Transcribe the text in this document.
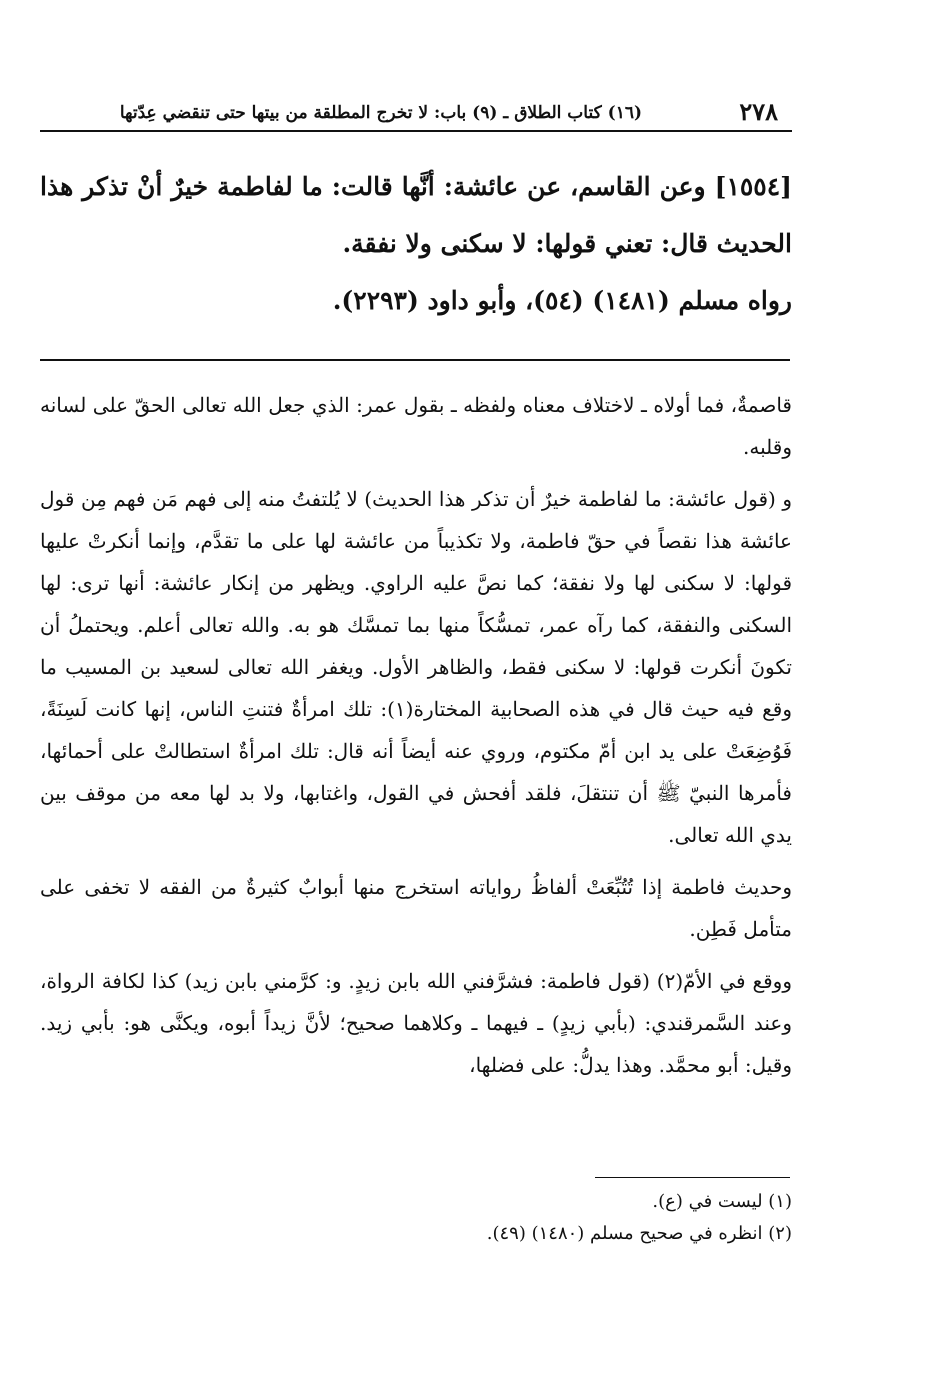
٢٧٨
(١٦) كتاب الطلاق ـ (٩) باب: لا تخرج المطلقة من بيتها حتى تنقضي عِدّتها

[١٥٥٤] وعن القاسم، عن عائشة: أنَّها قالت: ما لفاطمة خيرٌ أنْ تذكر هذا الحديث قال: تعني قولها: لا سكنى ولا نفقة.

رواه مسلم (١٤٨١) (٥٤)، وأبو داود (٢٢٩٣).

قاصمةٌ، فما أولاه ـ لاختلاف معناه ولفظه ـ بقول عمر: الذي جعل الله تعالى الحقّ على لسانه وقلبه.

و (قول عائشة: ما لفاطمة خيرٌ أن تذكر هذا الحديث) لا يُلتفتُ منه إلى فهم مَن فهم مِن قول عائشة هذا نقصاً في حقّ فاطمة، ولا تكذيباً من عائشة لها على ما تقدَّم، وإنما أنكرتْ عليها قولها: لا سكنى لها ولا نفقة؛ كما نصَّ عليه الراوي. ويظهر من إنكار عائشة: أنها ترى: لها السكنى والنفقة، كما رآه عمر، تمسُّكاً منها بما تمسَّك هو به. والله تعالى أعلم. ويحتملُ أن تكونَ أنكرت قولها: لا سكنى فقط، والظاهر الأول. ويغفر الله تعالى لسعيد بن المسيب ما وقع فيه حيث قال في هذه الصحابية المختارة(١): تلك امرأةٌ فتنتِ الناس، إنها كانت لَسِنَةً، فَوُضِعَتْ على يد ابن أمّ مكتوم، وروي عنه أيضاً أنه قال: تلك امرأةٌ استطالتْ على أحمائها، فأمرها النبيّ ﷺ أن تنتقلَ، فلقد أفحش في القول، واغتابها، ولا بد لها معه من موقف بين يدي الله تعالى.

وحديث فاطمة إذا تُتُبِّعَتْ ألفاظُ رواياته استخرج منها أبوابٌ كثيرةٌ من الفقه لا تخفى على متأمل فَطِن.

ووقع في الأمّ(٢) (قول فاطمة: فشرَّفني الله بابن زيدٍ. و: كرَّمني بابن زيد) كذا لكافة الرواة، وعند السَّمرقندي: (بأبي زيدٍ) ـ فيهما ـ وكلاهما صحيح؛ لأنَّ زيداً أبوه، ويكنَّى هو: بأبي زيد. وقيل: أبو محمَّد. وهذا يدلُّ: على فضلها،

(١) ليست في (ع).

(٢) انظره في صحيح مسلم (١٤٨٠) (٤٩).
